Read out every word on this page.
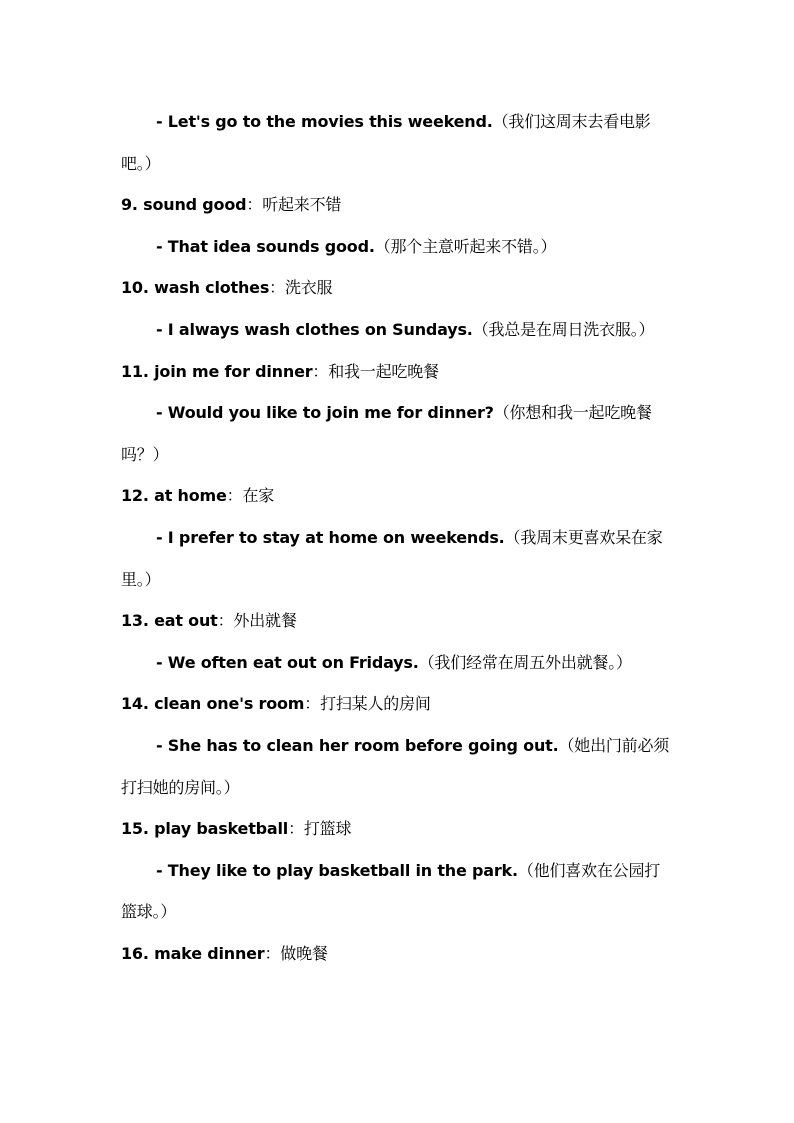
- Let's go to the movies this weekend.（我们这周末去看电影
吧。）
9. sound good：听起来不错
- That idea sounds good.（那个主意听起来不错。）
10. wash clothes：洗衣服
- I always wash clothes on Sundays.（我总是在周日洗衣服。）
11. join me for dinner：和我一起吃晚餐
- Would you like to join me for dinner?（你想和我一起吃晚餐
吗？）
12. at home：在家
- I prefer to stay at home on weekends.（我周末更喜欢呆在家
里。）
13. eat out：外出就餐
- We often eat out on Fridays.（我们经常在周五外出就餐。）
14. clean one's room：打扫某人的房间
- She has to clean her room before going out.（她出门前必须
打扫她的房间。）
15. play basketball：打篮球
- They like to play basketball in the park.（他们喜欢在公园打
篮球。）
16. make dinner：做晚餐
